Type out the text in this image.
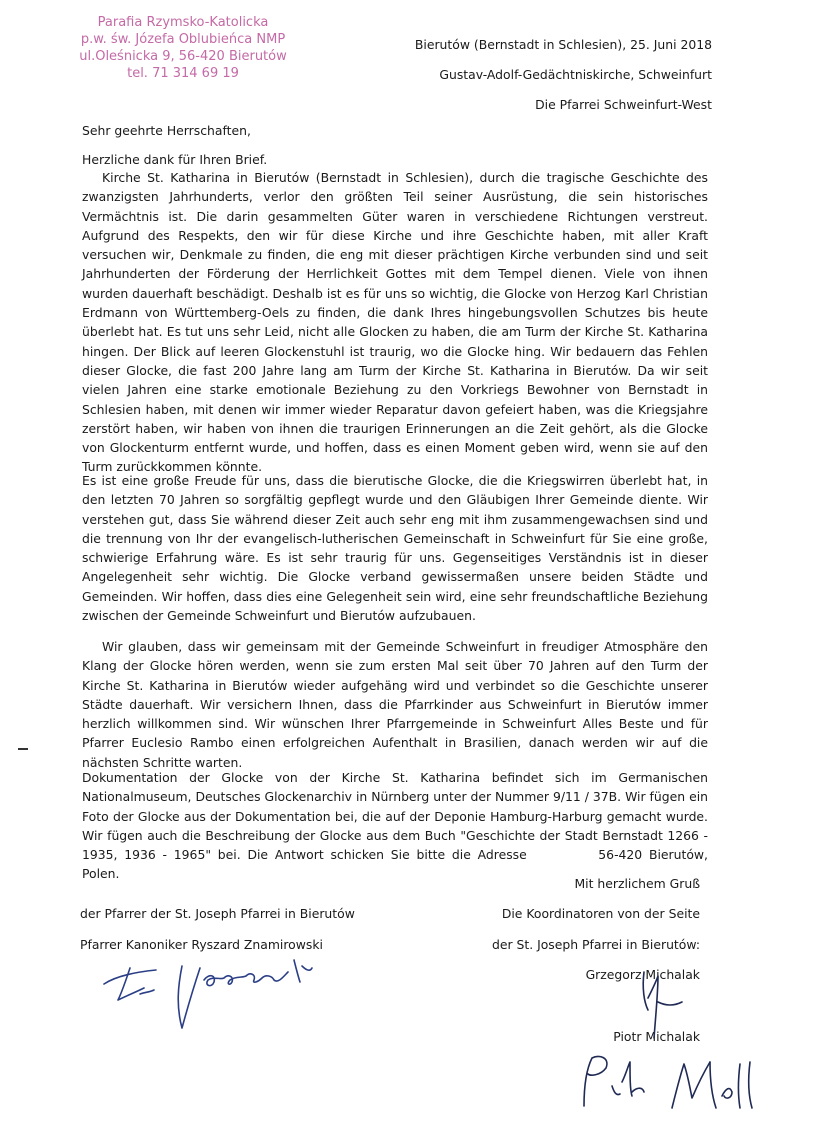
Parafia Rzymsko-Katolicka
p.w. św. Józefa Oblubieńca NMP
ul.Oleśnicka 9, 56-420 Bierutów
tel. 71 314 69 19
Bierutów (Bernstadt in Schlesien), 25. Juni 2018
Gustav-Adolf-Gedächtniskirche, Schweinfurt
Die Pfarrei Schweinfurt-West
Sehr geehrte Herrschaften,
Herzliche dank für Ihren Brief.
Kirche St. Katharina in Bierutów (Bernstadt in Schlesien), durch die tragische Geschichte des zwanzigsten Jahrhunderts, verlor den größten Teil seiner Ausrüstung, die sein historisches Vermächtnis ist. Die darin gesammelten Güter waren in verschiedene Richtungen verstreut. Aufgrund des Respekts, den wir für diese Kirche und ihre Geschichte haben, mit aller Kraft versuchen wir, Denkmale zu finden, die eng mit dieser prächtigen Kirche verbunden sind und seit Jahrhunderten der Förderung der Herrlichkeit Gottes mit dem Tempel dienen. Viele von ihnen wurden dauerhaft beschädigt. Deshalb ist es für uns so wichtig, die Glocke von Herzog Karl Christian Erdmann von Württemberg-Oels zu finden, die dank Ihres hingebungsvollen Schutzes bis heute überlebt hat. Es tut uns sehr Leid, nicht alle Glocken zu haben, die am Turm der Kirche St. Katharina hingen. Der Blick auf leeren Glockenstuhl ist traurig, wo die Glocke hing. Wir bedauern das Fehlen dieser Glocke, die fast 200 Jahre lang am Turm der Kirche St. Katharina in Bierutów. Da wir seit vielen Jahren eine starke emotionale Beziehung zu den Vorkriegs Bewohner von Bernstadt in Schlesien haben, mit denen wir immer wieder Reparatur davon gefeiert haben, was die Kriegsjahre zerstört haben, wir haben von ihnen die traurigen Erinnerungen an die Zeit gehört, als die Glocke von Glockenturm entfernt wurde, und hoffen, dass es einen Moment geben wird, wenn sie auf den Turm zurückkommen könnte.
Es ist eine große Freude für uns, dass die bierutische Glocke, die die Kriegswirren überlebt hat, in den letzten 70 Jahren so sorgfältig gepflegt wurde und den Gläubigen Ihrer Gemeinde diente. Wir verstehen gut, dass Sie während dieser Zeit auch sehr eng mit ihm zusammengewachsen sind und die trennung von Ihr der evangelisch-lutherischen Gemeinschaft in Schweinfurt für Sie eine große, schwierige Erfahrung wäre. Es ist sehr traurig für uns. Gegenseitiges Verständnis ist in dieser Angelegenheit sehr wichtig. Die Glocke verband gewissermaßen unsere beiden Städte und Gemeinden. Wir hoffen, dass dies eine Gelegenheit sein wird, eine sehr freundschaftliche Beziehung zwischen der Gemeinde Schweinfurt und Bierutów aufzubauen.
Wir glauben, dass wir gemeinsam mit der Gemeinde Schweinfurt in freudiger Atmosphäre den Klang der Glocke hören werden, wenn sie zum ersten Mal seit über 70 Jahren auf den Turm der Kirche St. Katharina in Bierutów wieder aufgehäng wird und verbindet so die Geschichte unserer Städte dauerhaft. Wir versichern Ihnen, dass die Pfarrkinder aus Schweinfurt in Bierutów immer herzlich willkommen sind. Wir wünschen Ihrer Pfarrgemeinde in Schweinfurt Alles Beste und für Pfarrer Euclesio Rambo einen erfolgreichen Aufenthalt in Brasilien, danach werden wir auf die nächsten Schritte warten.
Dokumentation der Glocke von der Kirche St. Katharina befindet sich im Germanischen Nationalmuseum, Deutsches Glockenarchiv in Nürnberg unter der Nummer 9/11 / 37B. Wir fügen ein Foto der Glocke aus der Dokumentation bei, die auf der Deponie Hamburg-Harburg gemacht wurde. Wir fügen auch die Beschreibung der Glocke aus dem Buch "Geschichte der Stadt Bernstadt 1266 - 1935, 1936 - 1965" bei. Die Antwort schicken Sie bitte die Adresse	56-420 Bierutów, Polen.
Mit herzlichem Gruß
der Pfarrer der St. Joseph Pfarrei in Bierutów
Pfarrer Kanoniker Ryszard Znamirowski
Die Koordinatoren von der Seite
der St. Joseph Pfarrei in Bierutów:
Grzegorz Michalak
Piotr Michalak
